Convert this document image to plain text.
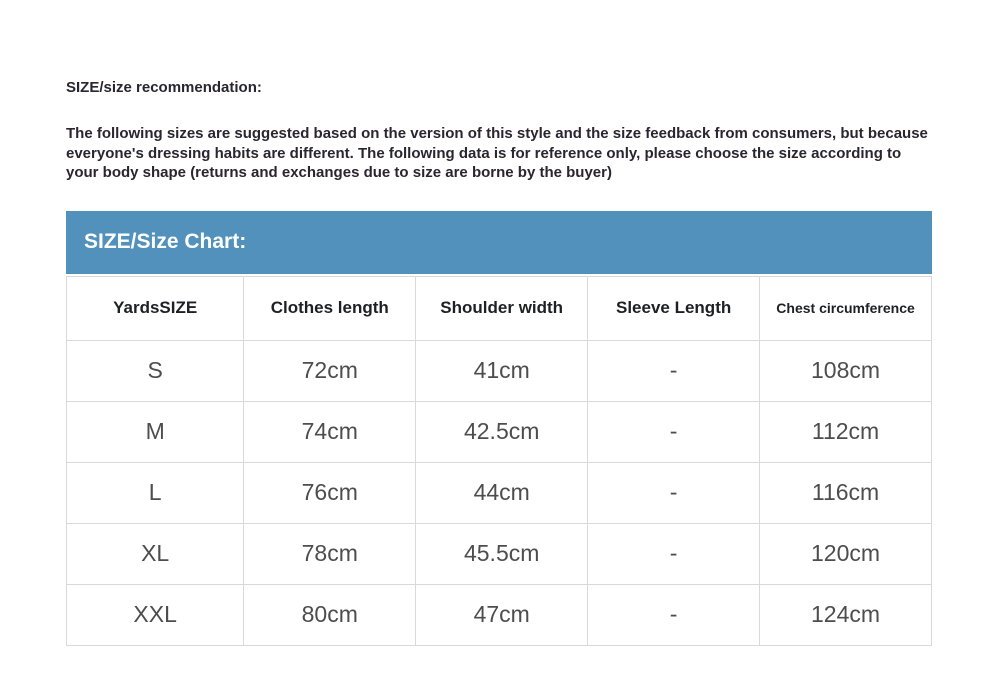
SIZE/size recommendation:

The following sizes are suggested based on the version of this style and the size feedback from consumers, but because everyone's dressing habits are different. The following data is for reference only, please choose the size according to your body shape (returns and exchanges due to size are borne by the buyer)

SIZE/Size Chart:
YardsSIZE	Clothes length	Shoulder width	Sleeve Length	Chest circumference
S	72cm	41cm	-	108cm
M	74cm	42.5cm	-	112cm
L	76cm	44cm	-	116cm
XL	78cm	45.5cm	-	120cm
XXL	80cm	47cm	-	124cm
